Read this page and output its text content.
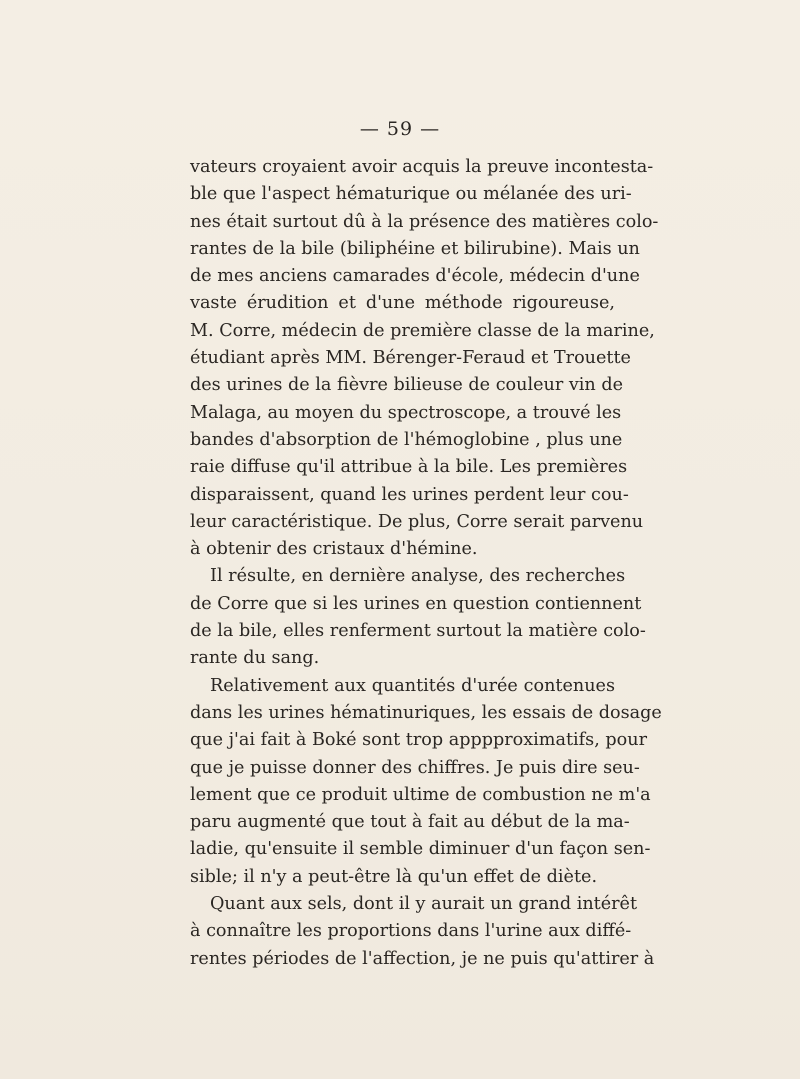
— 59 —
vateurs croyaient avoir acquis la preuve incontesta-
ble que l'aspect hématurique ou mélanée des uri-
nes était surtout dû à la présence des matières colo-
rantes de la bile (biliphéine et bilirubine). Mais un
de mes anciens camarades d'école, médecin d'une
vaste érudition et d'une méthode rigoureuse,
M. Corre, médecin de première classe de la marine,
étudiant après MM. Bérenger-Feraud et Trouette
des urines de la fièvre bilieuse de couleur vin de
Malaga, au moyen du spectroscope, a trouvé les
bandes d'absorption de l'hémoglobine , plus une
raie diffuse qu'il attribue à la bile. Les premières
disparaissent, quand les urines perdent leur cou-
leur caractéristique. De plus, Corre serait parvenu
à obtenir des cristaux d'hémine.
Il résulte, en dernière analyse, des recherches
de Corre que si les urines en question contiennent
de la bile, elles renferment surtout la matière colo-
rante du sang.
Relativement aux quantités d'urée contenues
dans les urines hématinuriques, les essais de dosage
que j'ai fait à Boké sont trop apppproximatifs, pour
que je puisse donner des chiffres. Je puis dire seu-
lement que ce produit ultime de combustion ne m'a
paru augmenté que tout à fait au début de la ma-
ladie, qu'ensuite il semble diminuer d'un façon sen-
sible; il n'y a peut-être là qu'un effet de diète.
Quant aux sels, dont il y aurait un grand intérêt
à connaître les proportions dans l'urine aux diffé-
rentes périodes de l'affection, je ne puis qu'attirer à
